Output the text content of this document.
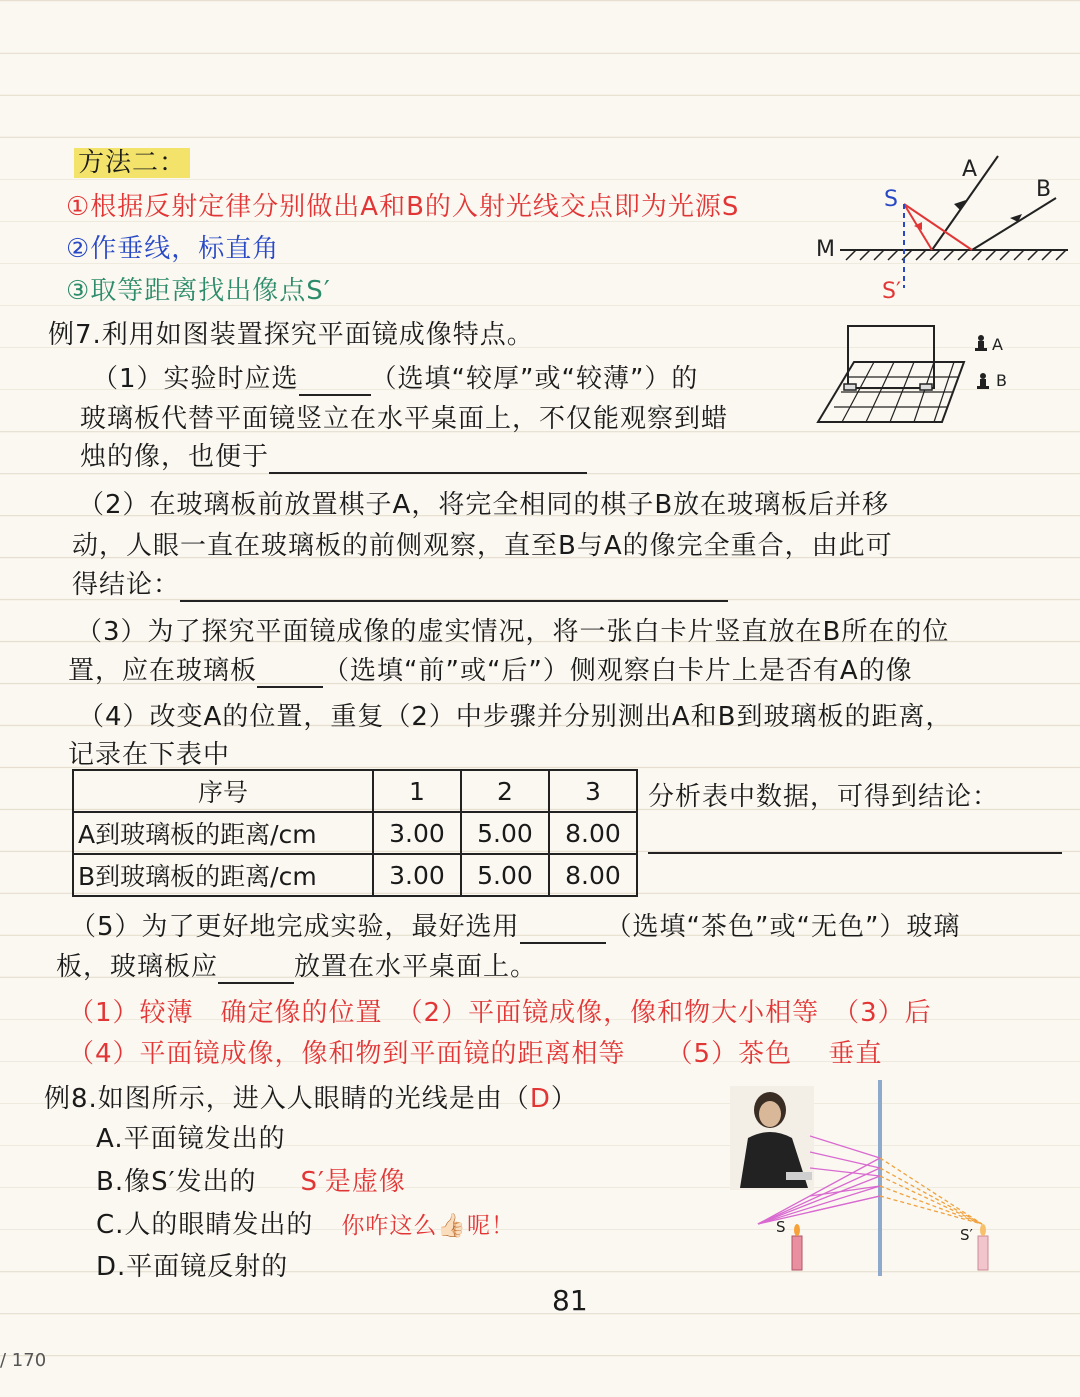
方法二：
①根据反射定律分别做出A和B的入射光线交点即为光源S
②作垂线，标直角
③取等距离找出像点S′
S
A
B
M
S′
例7.利用如图装置探究平面镜成像特点。
（1）实验时应选	（选填“较厚”或“较薄”）的
玻璃板代替平面镜竖立在水平桌面上，不仅能观察到蜡
烛的像，也便于
A
B
（2）在玻璃板前放置棋子A，将完全相同的棋子B放在玻璃板后并移
动，人眼一直在玻璃板的前侧观察，直至B与A的像完全重合，由此可
得结论：
（3）为了探究平面镜成像的虚实情况，将一张白卡片竖直放在B所在的位
置，应在玻璃板	（选填“前”或“后”）侧观察白卡片上是否有A的像
（4）改变A的位置，重复（2）中步骤并分别测出A和B到玻璃板的距离，
记录在下表中
序号	1	2	3
A到玻璃板的距离/cm	3.00	5.00	8.00
B到玻璃板的距离/cm	3.00	5.00	8.00
分析表中数据，可得到结论：
（5）为了更好地完成实验，最好选用	（选填“茶色”或“无色”）玻璃
板，玻璃板应	放置在水平桌面上。
（1）较薄　确定像的位置　（2）平面镜成像，像和物大小相等　（3）后
（4）平面镜成像，像和物到平面镜的距离相等　　（5）茶色　 垂直
例8.如图所示，进入人眼睛的光线是由（D）
A.平面镜发出的
B.像S′发出的 S′是虚像
C.人的眼睛发出的 你咋这么👍🏻呢！
D.平面镜反射的
S	S′
81
/ 170
